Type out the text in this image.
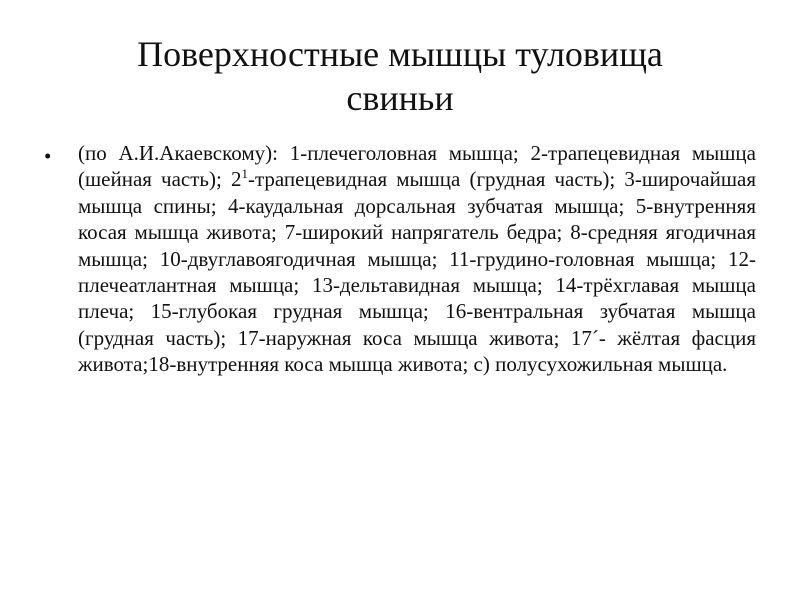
Поверхностные мышцы туловища
свиньи
• (по А.И.Акаевскому): 1-плечеголовная мышца; 2-трапецевидная мышца (шейная часть); $2^1$-трапецевидная мышца (грудная часть); 3-широчайшая мышца спины; 4-каудальная дорсальная зубчатая мышца; 5-внутренняя косая мышца живота; 7-широкий напрягатель бедра; 8-средняя ягодичная мышца; 10-двуглавоягодичная мышца; 11-грудино-головная мышца; 12-плечеатлантная мышца; 13-дельтавидная мышца; 14-трёхглавая мышца плеча; 15-глубокая грудная мышца; 16-вентральная зубчатая мышца (грудная часть); 17-наружная коса мышца живота; 17´- жёлтая фасция живота;18-внутренняя коса мышца живота; с) полусухожильная мышца.
